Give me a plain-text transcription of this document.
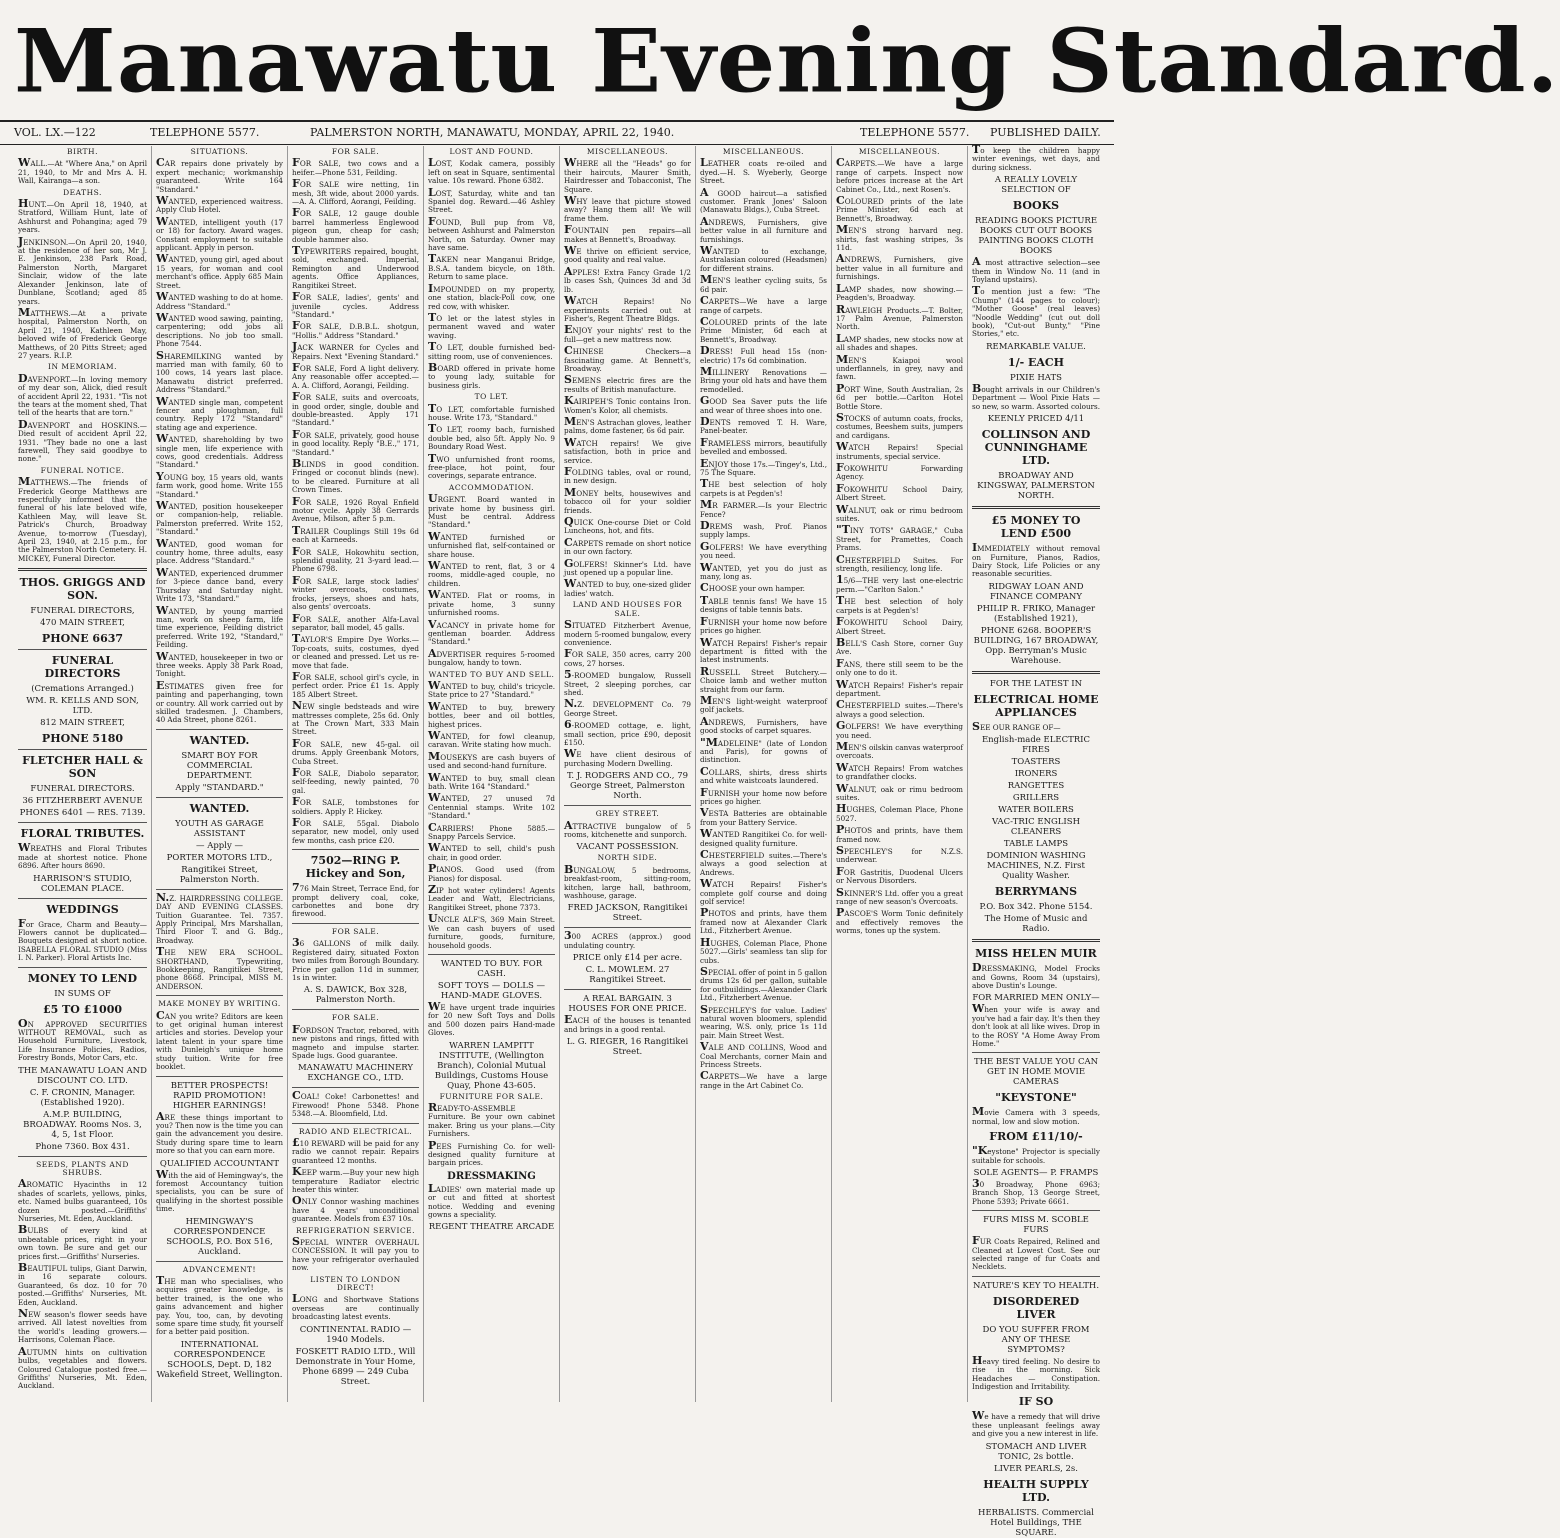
Manawatu Evening Standard.
VOL. LX.—122	TELEPHONE 5577.	PALMERSTON NORTH, MANAWATU, MONDAY, APRIL 22, 1940.	TELEPHONE 5577. PUBLISHED DAILY.
BIRTH.
WALL.—At "Where Ana," on April 21, 1940, to Mr and Mrs A. H. Wall, Kairanga—a son.
DEATHS.
HUNT.—On April 18, 1940, at Stratford, William Hunt, late of Ashhurst and Pohangina; aged 79 years.
JENKINSON.—On April 20, 1940, at the residence of her son, Mr J. E. Jenkinson, 238 Park Road, Palmerston North, Margaret Sinclair, widow of the late Alexander Jenkinson, late of Dunblane, Scotland; aged 85 years.
MATTHEWS.—At a private hospital, Palmerston North, on April 21, 1940, Kathleen May, beloved wife of Frederick George Matthews, of 20 Pitts Street; aged 27 years. R.I.P.
IN MEMORIAM.
DAVENPORT.—In loving memory of my dear son, Alick, died result of accident April 22, 1931. "Tis not the tears at the moment shed, That tell of the hearts that are torn."
DAVENPORT and HOSKINS.—Died result of accident April 22, 1931. "They bade no one a last farewell, They said goodbye to none."
FUNERAL NOTICE.
MATTHEWS.—The friends of Frederick George Matthews are respectfully informed that the funeral of his late beloved wife, Kathleen May, will leave St. Patrick's Church, Broadway Avenue, to-morrow (Tuesday), April 23, 1940, at 2.15 p.m., for the Palmerston North Cemetery. H. MICKEY, Funeral Director.
THOS. GRIGGS AND SON.
FUNERAL DIRECTORS,
470 MAIN STREET,
PHONE 6637
FUNERAL DIRECTORS
(Cremations Arranged.)
WM. R. KELLS AND SON, LTD.
812 MAIN STREET,
PHONE 5180
FLETCHER HALL & SON
FUNERAL DIRECTORS.
36 FITZHERBERT AVENUE
PHONES 6401 — RES. 7139.
FLORAL TRIBUTES.
WREATHS and Floral Tributes made at shortest notice. Phone 6896. After hours 8690.
HARRISON'S STUDIO, COLEMAN PLACE.
WEDDINGS
For Grace, Charm and Beauty—Flowers cannot be duplicated—Bouquets designed at short notice. ISABELLA FLORAL STUDIO (Miss I. N. Parker). Floral Artists Inc.
MONEY TO LEND
IN SUMS OF
£5 TO £1000
ON APPROVED SECURITIES WITHOUT REMOVAL, such as Household Furniture, Livestock, Life Insurance Policies, Radios, Forestry Bonds, Motor Cars, etc.
THE MANAWATU LOAN AND DISCOUNT CO. LTD.
C. F. CRONIN, Manager. (Established 1920).
A.M.P. BUILDING, BROADWAY. Rooms Nos. 3, 4, 5, 1st Floor.
Phone 7360. Box 431.
SEEDS, PLANTS AND SHRUBS.
AROMATIC Hyacinths in 12 shades of scarlets, yellows, pinks, etc. Named bulbs guaranteed, 10s dozen posted.—Griffiths' Nurseries, Mt. Eden, Auckland.
BULBS of every kind at unbeatable prices, right in your own town. Be sure and get our prices first.—Griffiths' Nurseries.
BEAUTIFUL tulips, Giant Darwin, in 16 separate colours. Guaranteed, 6s doz. 10 for 70 posted.—Griffiths' Nurseries, Mt. Eden, Auckland.
NEW season's flower seeds have arrived. All latest novelties from the world's leading growers.—Harrisons, Coleman Place.
AUTUMN hints on cultivation bulbs, vegetables and flowers. Coloured Catalogue posted free.—Griffiths' Nurseries, Mt. Eden, Auckland.
SITUATIONS.
CAR repairs done privately by expert mechanic; workmanship guaranteed. Write 164 "Standard."
WANTED, experienced waitress. Apply Club Hotel.
WANTED, intelligent youth (17 or 18) for factory. Award wages. Constant employment to suitable applicant. Apply in person.
WANTED, young girl, aged about 15 years, for woman and cool merchant's office. Apply 685 Main Street.
WANTED washing to do at home. Address "Standard."
WANTED wood sawing, painting, carpentering; odd jobs all descriptions. No job too small. Phone 7544.
SHAREMILKING wanted by married man with family, 60 to 100 cows, 14 years last place. Manawatu district preferred. Address "Standard."
WANTED single man, competent fencer and ploughman, full country. Reply 172 "Standard" stating age and experience.
WANTED, shareholding by two single men, life experience with cows, good credentials. Address "Standard."
YOUNG boy, 15 years old, wants farm work, good home. Write 155 "Standard."
WANTED, position housekeeper or companion-help, reliable. Palmerston preferred. Write 152, "Standard."
WANTED, good woman for country home, three adults, easy place. Address "Standard."
WANTED, experienced drummer for 3-piece dance band, every Thursday and Saturday night. Write 173, "Standard."
WANTED, by young married man, work on sheep farm, life time experience, Feilding district preferred. Write 192, "Standard," Feilding.
WANTED, housekeeper in two or three weeks. Apply 38 Park Road, Tonight.
ESTIMATES given free for painting and paperhanging, town or country. All work carried out by skilled tradesmen. J. Chambers, 40 Ada Street, phone 8261.
WANTED.
SMART BOY FOR COMMERCIAL DEPARTMENT.
Apply "STANDARD."
WANTED.
YOUTH AS GARAGE ASSISTANT
— Apply —
PORTER MOTORS LTD.,
Rangitikei Street, Palmerston North.
N.Z. HAIRDRESSING COLLEGE. DAY AND EVENING CLASSES. Tuition Guarantee. Tel. 7357. Apply Principal, Mrs Marshallan, Third Floor T. and G. Bdg., Broadway.
THE NEW ERA SCHOOL. SHORTHAND, Typewriting, Bookkeeping, Rangitikei Street, phone 8668. Principal, MISS M. ANDERSON.
MAKE MONEY BY WRITING.
CAN you write? Editors are keen to get original human interest articles and stories. Develop your latent talent in your spare time with Dunleigh's unique home study tuition. Write for free booklet.
BETTER PROSPECTS! RAPID PROMOTION! HIGHER EARNINGS!
ARE these things important to you? Then now is the time you can gain the advancement you desire. Study during spare time to learn more so that you can earn more.
QUALIFIED ACCOUNTANT
With the aid of Hemingway's, the foremost Accountancy tuition specialists, you can be sure of qualifying in the shortest possible time.
HEMINGWAY'S CORRESPONDENCE SCHOOLS, P.O. Box 516, Auckland.
ADVANCEMENT!
THE man who specialises, who acquires greater knowledge, is better trained, is the one who gains advancement and higher pay. You, too, can, by devoting some spare time study, fit yourself for a better paid position.
INTERNATIONAL CORRESPONDENCE SCHOOLS, Dept. D, 182 Wakefield Street, Wellington.
FOR SALE.
FOR SALE, two cows and a heifer.—Phone 531, Feilding.
FOR SALE wire netting, 1in mesh, 3ft wide, about 2000 yards.—A. A. Clifford, Aorangi, Feilding.
FOR SALE, 12 gauge double barrel hammerless Englewood pigeon gun, cheap for cash; double hammer also.
TYPEWRITERS repaired, bought, sold, exchanged. Imperial, Remington and Underwood agents. Office Appliances, Rangitikei Street.
FOR SALE, ladies', gents' and juvenile cycles. Address "Standard."
FOR SALE, D.B.B.L. shotgun, "Hollis." Address "Standard."
JACK WARNER for Cycles and Repairs. Next "Evening Standard."
FOR SALE, Ford A light delivery. Any reasonable offer accepted.—A. A. Clifford, Aorangi, Feilding.
FOR SALE, suits and overcoats, in good order, single, double and double-breasted. Apply 171 "Standard."
FOR SALE, privately, good house in good locality. Reply "B.E.," 171, "Standard."
BLINDS in good condition. Fringed or coconut blinds (new). to be cleared. Furniture at all Crown Times.
FOR SALE, 1926 Royal Enfield motor cycle. Apply 38 Gerrards Avenue, Milson, after 5 p.m.
TRAILER Couplings Still 19s 6d each at Karneeds.
FOR SALE, Hokowhitu section, splendid quality, 21 3-yard lead.—Phone 6798.
FOR SALE, large stock ladies' winter overcoats, costumes, frocks, jerseys, shoes and hats, also gents' overcoats.
FOR SALE, another Alfa-Laval separator, ball model, 45 galls.
TAYLOR'S Empire Dye Works.—Top-coats, suits, costumes, dyed or cleaned and pressed. Let us re-move that fade.
FOR SALE, school girl's cycle, in perfect order. Price £1 1s. Apply 185 Albert Street.
NEW single bedsteads and wire mattresses complete, 25s 6d. Only at The Crown Mart, 333 Main Street.
FOR SALE, new 45-gal. oil drums. Apply Greenbank Motors, Cuba Street.
FOR SALE, Diabolo separator, self-feeding, newly painted, 70 gal.
FOR SALE, tombstones for soldiers. Apply P. Hickey.
FOR SALE, 55gal. Diabolo separator, new model, only used few months, cash price £20.
7502—RING P. Hickey and Son,
776 Main Street, Terrace End, for prompt delivery coal, coke, carbonettes and bone dry firewood.
FOR SALE.
36 GALLONS of milk daily. Registered dairy, situated Foxton two miles from Borough Boundary. Price per gallon 11d in summer, 1s in winter.
A. S. DAWICK, Box 328, Palmerston North.
FOR SALE.
FORDSON Tractor, rebored, with new pistons and rings, fitted with magneto and impulse starter. Spade lugs. Good guarantee.
MANAWATU MACHINERY EXCHANGE CO., LTD.
COAL! Coke! Carbonettes! and Firewood! Phone 5348. Phone 5348.—A. Bloomfield, Ltd.
RADIO AND ELECTRICAL.
£10 REWARD will be paid for any radio we cannot repair. Repairs guaranteed 12 months.
KEEP warm.—Buy your new high temperature Radiator electric heater this winter.
ONLY Connor washing machines have 4 years' unconditional guarantee. Models from £37 10s.
REFRIGERATION SERVICE.
SPECIAL WINTER OVERHAUL CONCESSION. It will pay you to have your refrigerator overhauled now.
LISTEN TO LONDON DIRECT!
LONG and Shortwave Stations overseas are continually broadcasting latest events.
CONTINENTAL RADIO — 1940 Models.
FOSKETT RADIO LTD., Will Demonstrate in Your Home, Phone 6899 — 249 Cuba Street.
LOST AND FOUND.
LOST, Kodak camera, possibly left on seat in Square, sentimental value. 10s reward. Phone 6382.
LOST, Saturday, white and tan Spaniel dog. Reward.—46 Ashley Street.
FOUND, Bull pup from V8, between Ashhurst and Palmerston North, on Saturday. Owner may have same.
TAKEN near Manganui Bridge, B.S.A. tandem bicycle, on 18th. Return to same place.
IMPOUNDED on my property, one station, black-Poll cow, one red cow, with whisker.
TO let or the latest styles in permanent waved and water waving.
TO LET, double furnished bed-sitting room, use of conveniences.
BOARD offered in private home to young lady, suitable for business girls.
TO LET.
TO LET, comfortable furnished house. Write 173, "Standard."
TO LET, roomy bach, furnished double bed, also 5ft. Apply No. 9 Boundary Road West.
TWO unfurnished front rooms, free-place, hot point, four coverings, separate entrance.
ACCOMMODATION.
URGENT. Board wanted in private home by business girl. Must be central. Address "Standard."
WANTED furnished or unfurnished flat, self-contained or share house.
WANTED to rent, flat, 3 or 4 rooms, middle-aged couple, no children.
WANTED. Flat or rooms, in private home, 3 sunny unfurnished rooms.
VACANCY in private home for gentleman boarder. Address "Standard."
ADVERTISER requires 5-roomed bungalow, handy to town.
WANTED TO BUY AND SELL.
WANTED to buy, child's tricycle. State price to 27 "Standard."
WANTED to buy, brewery bottles, beer and oil bottles, highest prices.
WANTED, for fowl cleanup, caravan. Write stating how much.
MOUSEKYS are cash buyers of used and second-hand furniture.
WANTED to buy, small clean bath. Write 164 "Standard."
WANTED, 27 unused 7d Centennial stamps. Write 102 "Standard."
CARRIERS! Phone 5885.—Snappy Parcels Service.
WANTED to sell, child's push chair, in good order.
PIANOS. Good used (from Pianos) for disposal.
ZIP hot water cylinders! Agents Leader and Watt, Electricians, Rangitikei Street, phone 7373.
UNCLE ALF'S, 369 Main Street. We can cash buyers of used furniture, goods, furniture, household goods.
WANTED TO BUY. FOR CASH.
SOFT TOYS — DOLLS — HAND-MADE GLOVES.
WE have urgent trade inquiries for 20 new Soft Toys and Dolls and 500 dozen pairs Hand-made Gloves.
WARREN LAMPITT INSTITUTE, (Wellington Branch), Colonial Mutual Buildings, Customs House Quay, Phone 43-605.
FURNITURE FOR SALE.
READY-TO-ASSEMBLE Furniture. Be your own cabinet maker. Bring us your plans.—City Furnishers.
PEES Furnishing Co. for well-designed quality furniture at bargain prices.
DRESSMAKING
LADIES' own material made up or cut and fitted at shortest notice. Wedding and evening gowns a speciality.
REGENT THEATRE ARCADE
MISCELLANEOUS.
WHERE all the "Heads" go for their haircuts, Maurer Smith, Hairdresser and Tobacconist, The Square.
WHY leave that picture stowed away? Hang them all! We will frame them.
FOUNTAIN pen repairs—all makes at Bennett's, Broadway.
WE thrive on efficient service, good quality and real value.
APPLES! Extra Fancy Grade 1/2 lb cases Ssh, Quinces 3d and 3d lb.
WATCH Repairs! No experiments carried out at Fisher's, Regent Theatre Bldgs.
ENJOY your nights' rest to the full—get a new mattress now.
CHINESE Checkers—a fascinating game. At Bennett's, Broadway.
SEMENS electric fires are the results of British manufacture.
KAIRIPEH'S Tonic contains Iron. Women's Kolor, all chemists.
MEN'S Astrachan gloves, leather palms, dome fastener, 6s 6d pair.
WATCH repairs! We give satisfaction, both in price and service.
FOLDING tables, oval or round, in new design.
MONEY belts, housewives and tobacco oil for your soldier friends.
QUICK One-course Diet or Cold Luncheons, hot, and fits.
CARPETS remade on short notice in our own factory.
GOLFERS! Skinner's Ltd. have just opened up a popular line.
WANTED to buy, one-sized glider ladies' watch.
LAND AND HOUSES FOR SALE.
SITUATED Fitzherbert Avenue, modern 5-roomed bungalow, every convenience.
FOR SALE, 350 acres, carry 200 cows, 27 horses.
5-ROOMED bungalow, Russell Street, 2 sleeping porches, car shed.
N.Z. DEVELOPMENT Co. 79 George Street.
6-ROOMED cottage, e. light, small section, price £90, deposit £150.
WE have client desirous of purchasing Modern Dwelling.
T. J. RODGERS AND CO., 79 George Street, Palmerston North.
GREY STREET.
ATTRACTIVE bungalow of 5 rooms, kitchenette and sunporch.
VACANT POSSESSION.
NORTH SIDE.
BUNGALOW, 5 bedrooms, breakfast-room, sitting-room, kitchen, large hall, bathroom, washhouse, garage.
FRED JACKSON, Rangitikei Street.
300 ACRES (approx.) good undulating country.
PRICE only £14 per acre.
C. L. MOWLEM. 27 Rangitikei Street.
A REAL BARGAIN. 3 HOUSES FOR ONE PRICE.
EACH of the houses is tenanted and brings in a good rental.
L. G. RIEGER, 16 Rangitikei Street.
MISCELLANEOUS.
LEATHER coats re-oiled and dyed.—H. S. Wyeberly, George Street.
A GOOD haircut—a satisfied customer. Frank Jones' Saloon (Manawatu Bldgs.), Cuba Street.
ANDREWS, Furnishers, give better value in all furniture and furnishings.
WANTED to exchange, Australasian coloured (Headsmen) for different strains.
MEN'S leather cycling suits, 5s 6d pair.
CARPETS—We have a large range of carpets.
COLOURED prints of the late Prime Minister, 6d each at Bennett's, Broadway.
DRESS! Full head 15s (non-electric) 17s 6d combination.
MILLINERY Renovations — Bring your old hats and have them remodelled.
GOOD Sea Saver puts the life and wear of three shoes into one.
DENTS removed T. H. Ware, Panel-beater.
FRAMELESS mirrors, beautifully bevelled and embossed.
ENJOY those 17s.—Tingey's, Ltd., 75 The Square.
THE best selection of holy carpets is at Pegden's!
MR FARMER.—Is your Electric Fence?
DREMS wash, Prof. Pianos supply lamps.
GOLFERS! We have everything you need.
WANTED, yet you do just as many, long as.
CHOOSE your own hamper.
TABLE tennis fans! We have 15 designs of table tennis bats.
FURNISH your home now before prices go higher.
WATCH Repairs! Fisher's repair department is fitted with the latest instruments.
RUSSELL Street Butchery.—Choice lamb and wether mutton straight from our farm.
MEN'S light-weight waterproof golf jackets.
ANDREWS, Furnishers, have good stocks of carpet squares.
"MADELEINE" (late of London and Paris), for gowns of distinction.
COLLARS, shirts, dress shirts and white waistcoats laundered.
FURNISH your home now before prices go higher.
VESTA Batteries are obtainable from your Battery Service.
WANTED Rangitikei Co. for well-designed quality furniture.
CHESTERFIELD suites.—There's always a good selection at Andrews.
WATCH Repairs! Fisher's complete golf course and doing golf service!
PHOTOS and prints, have them framed now at Alexander Clark Ltd., Fitzherbert Avenue.
HUGHES, Coleman Place, Phone 5027.—Girls' seamless tan slip for cubs.
SPECIAL offer of point in 5 gallon drums 12s 6d per gallon, suitable for outbuildings.—Alexander Clark Ltd., Fitzherbert Avenue.
SPEECHLEY'S for value. Ladies' natural woven bloomers, splendid wearing, W.S. only, price 1s 11d pair. Main Street West.
VALE AND COLLINS, Wood and Coal Merchants, corner Main and Princess Streets.
CARPETS—We have a large range in the Art Cabinet Co.
MISCELLANEOUS.
CARPETS.—We have a large range of carpets. Inspect now before prices increase at the Art Cabinet Co., Ltd., next Rosen's.
COLOURED prints of the late Prime Minister, 6d each at Bennett's, Broadway.
MEN'S strong harvard neg. shirts, fast washing stripes, 3s 11d.
ANDREWS, Furnishers, give better value in all furniture and furnishings.
LAMP shades, now showing.—Peagden's, Broadway.
RAWLEIGH Products.—T. Bolter, 17 Palm Avenue, Palmerston North.
LAMP shades, new stocks now at all shades and shapes.
MEN'S Kaiapoi wool underflannels, in grey, navy and fawn.
PORT Wine, South Australian, 2s 6d per bottle.—Carlton Hotel Bottle Store.
STOCKS of autumn coats, frocks, costumes, Beeshem suits, jumpers and cardigans.
WATCH Repairs! Special instruments, special service.
FOKOWHITU Forwarding Agency.
FOKOWHITU School Dairy, Albert Street.
WALNUT, oak or rimu bedroom suites.
"TINY TOTS" GARAGE," Cuba Street, for Pramettes, Coach Prams.
CHESTERFIELD Suites. For strength, resiliency, long life.
15/6—THE very last one-electric perm.—"Carlton Salon."
THE best selection of holy carpets is at Pegden's!
FOKOWHITU School Dairy, Albert Street.
BELL'S Cash Store, corner Guy Ave.
FANS, there still seem to be the only one to do it.
WATCH Repairs! Fisher's repair department.
CHESTERFIELD suites.—There's always a good selection.
GOLFERS! We have everything you need.
MEN'S oilskin canvas waterproof overcoats.
WATCH Repairs! From watches to grandfather clocks.
WALNUT, oak or rimu bedroom suites.
HUGHES, Coleman Place, Phone 5027.
PHOTOS and prints, have them framed now.
SPEECHLEY'S for N.Z.S. underwear.
FOR Gastritis, Duodenal Ulcers or Nervous Disorders.
SKINNER'S Ltd. offer you a great range of new season's Overcoats.
PASCOE'S Worm Tonic definitely and effectively removes the worms, tones up the system.
To keep the children happy winter evenings, wet days, and during sickness.
A REALLY LOVELY SELECTION OF
BOOKS
READING BOOKS PICTURE BOOKS CUT OUT BOOKS PAINTING BOOKS CLOTH BOOKS
A most attractive selection—see them in Window No. 11 (and in Toyland upstairs).
To mention just a few: "The Chump" (144 pages to colour); "Mother Goose" (real leaves) "Noodle Wedding" (cut out doll book), "Cut-out Bunty," "Pine Stories," etc.
REMARKABLE VALUE.
1/- EACH
PIXIE HATS
Bought arrivals in our Children's Department — Wool Pixie Hats — so new, so warm. Assorted colours.
KEENLY PRICED 4/11
COLLINSON AND CUNNINGHAME LTD.
BROADWAY AND KINGSWAY, PALMERSTON NORTH.
£5 MONEY TO LEND £500
IMMEDIATELY without removal on Furniture, Pianos, Radios, Dairy Stock, Life Policies or any reasonable securities.
RIDGWAY LOAN AND FINANCE COMPANY
PHILIP R. FRIKO, Manager (Established 1921),
PHONE 6268. BOOPER'S BUILDING, 167 BROADWAY, Opp. Berryman's Music Warehouse.
FOR THE LATEST IN
ELECTRICAL HOME APPLIANCES
SEE OUR RANGE OF—
English-made ELECTRIC FIRES
TOASTERS
IRONERS
RANGETTES
GRILLERS
WATER BOILERS
VAC-TRIC ENGLISH CLEANERS
TABLE LAMPS
DOMINION WASHING MACHINES, N.Z. First Quality Washer.
BERRYMANS
P.O. Box 342. Phone 5154.
The Home of Music and Radio.
MISS HELEN MUIR
DRESSMAKING, Model Frocks and Gowns, Room 34 (upstairs), above Dustin's Lounge.
FOR MARRIED MEN ONLY—
When your wife is away and you've had a fair day. It's then they don't look at all like wives. Drop in to the ROSY "A Home Away From Home."
THE BEST VALUE YOU CAN GET IN HOME MOVIE CAMERAS
"KEYSTONE"
Movie Camera with 3 speeds, normal, low and slow motion.
FROM £11/10/-
"Keystone" Projector is specially suitable for schools.
SOLE AGENTS— P. FRAMPS
30 Broadway, Phone 6963; Branch Shop, 13 George Street, Phone 5393; Private 6661.
FURS MISS M. SCOBLE FURS
FUR Coats Repaired, Relined and Cleaned at Lowest Cost. See our selected range of fur Coats and Necklets.
NATURE'S KEY TO HEALTH.
DISORDERED LIVER
DO YOU SUFFER FROM ANY OF THESE SYMPTOMS?
Heavy tired feeling. No desire to rise in the morning. Sick Headaches — Constipation. Indigestion and Irritability.
IF SO
We have a remedy that will drive these unpleasant feelings away and give you a new interest in life.
STOMACH AND LIVER TONIC, 2s bottle.
LIVER PEARLS, 2s.
HEALTH SUPPLY LTD.
HERBALISTS. Commercial Hotel Buildings, THE SQUARE.
